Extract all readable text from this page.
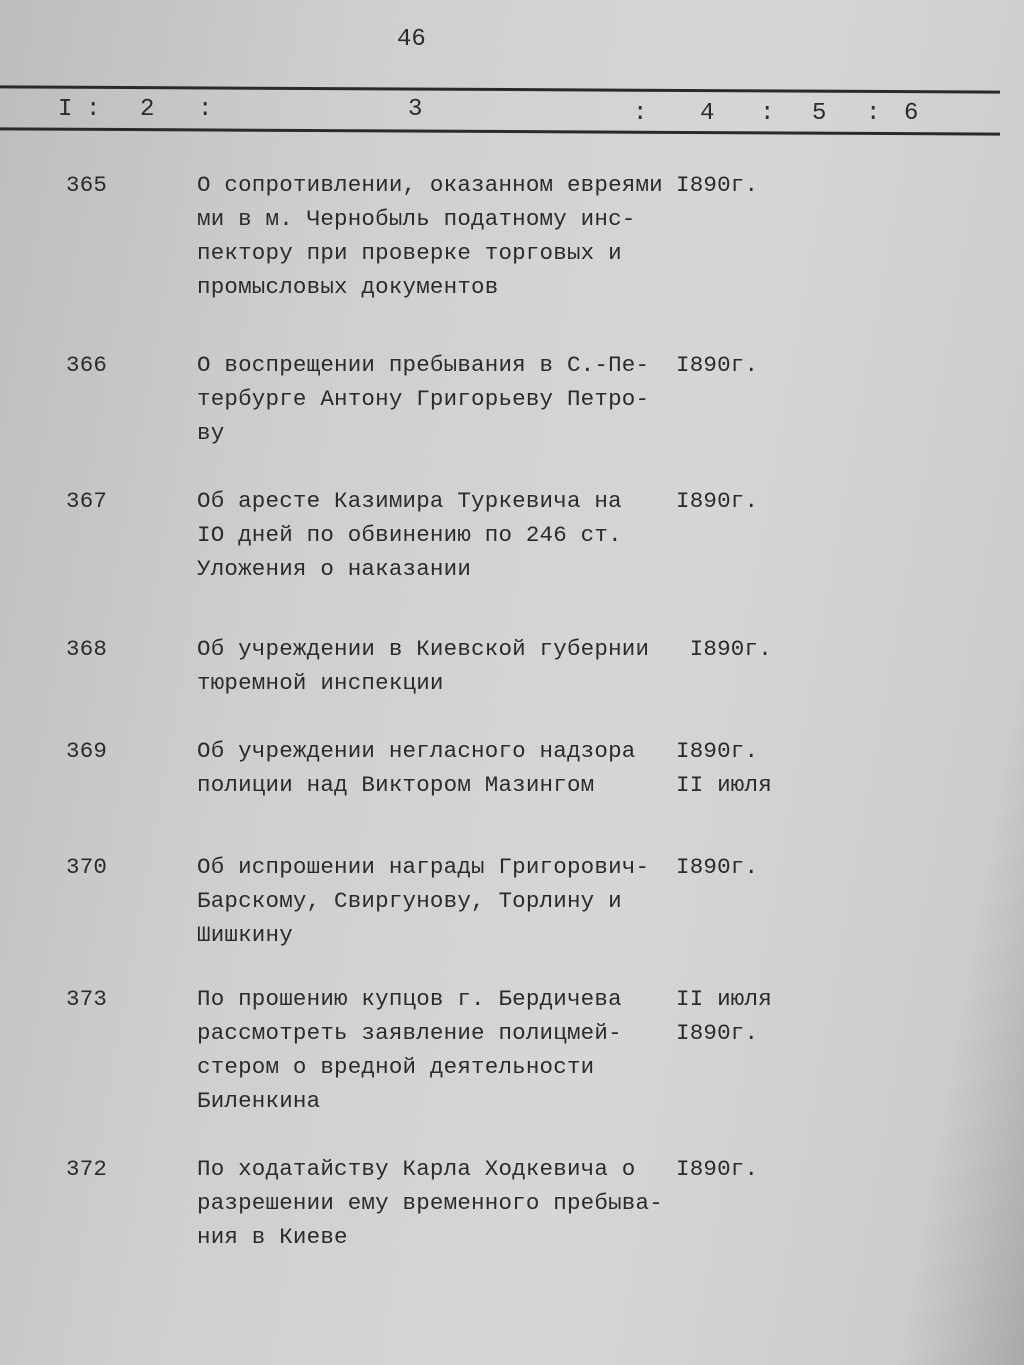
46
I : 2 :	3	: 4 : 5 : 6
365	О сопротивлении, оказанном евреями
ми в м. Чернобыль податному инс-
пектору при проверке торговых и
промысловых документов
I890г.
366	О воспрещении пребывания в С.-Пе-
тербурге Антону Григорьеву Петро-
ву
I890г.
367	Об аресте Казимира Туркевича на
IO дней по обвинению по 246 ст.
Уложения о наказании
I890г.
368	Об учреждении в Киевской губернии
тюремной инспекции
I890г.
369	Об учреждении негласного надзора
полиции над Виктором Мазингом
I890г.
II июля
370	Об испрошении награды Григорович-
Барскому, Свиргунову, Торлину и
Шишкину
I890г.
373	По прошению купцов г. Бердичева
рассмотреть заявление полицмей-
стером о вредной деятельности
Биленкина
II июля
I890г.
372	По ходатайству Карла Ходкевича о
разрешении ему временного пребыва-
ния в Киеве
I890г.
